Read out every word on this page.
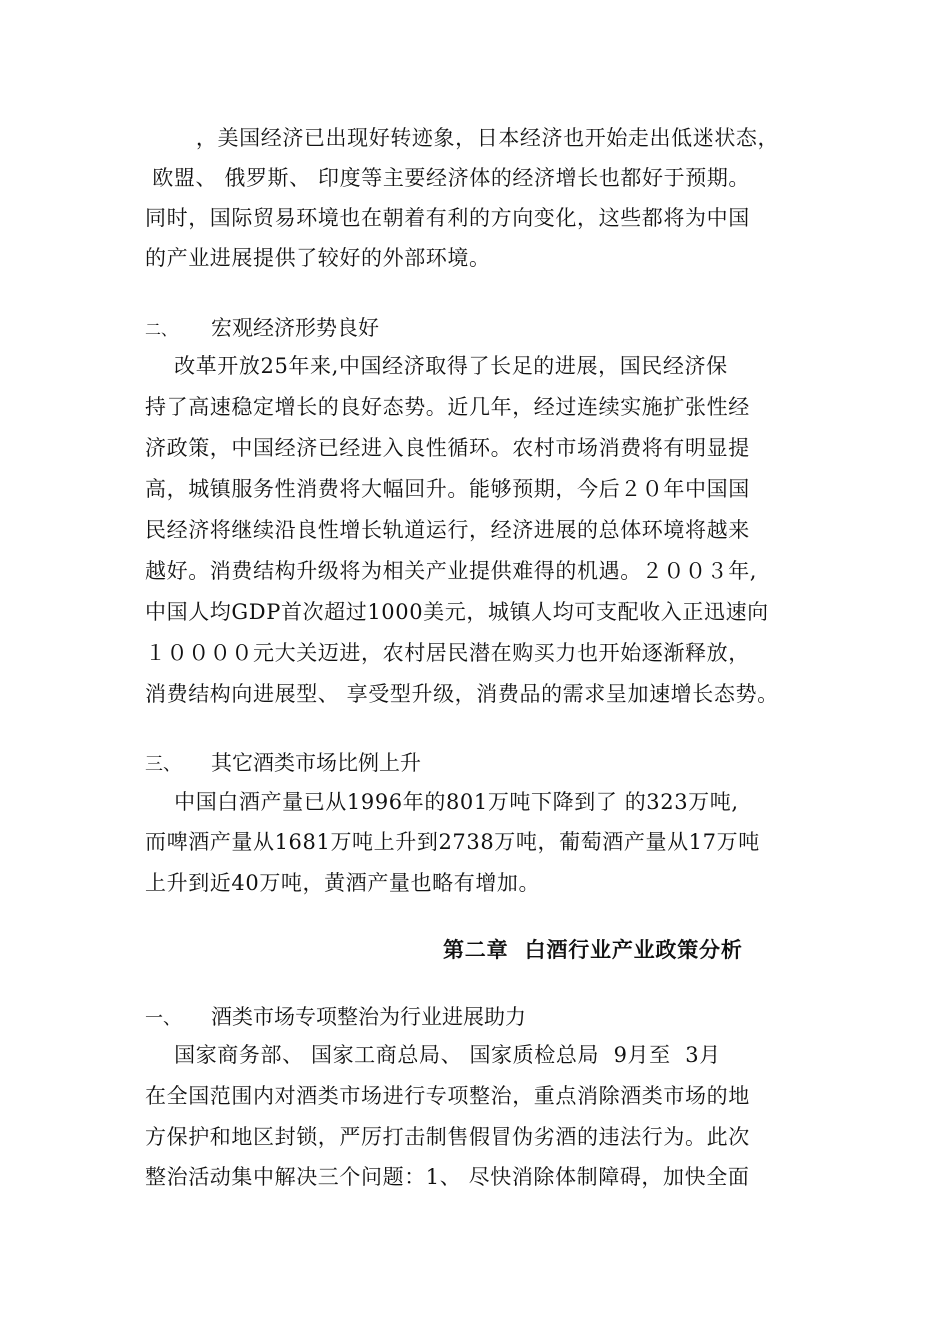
，美国经济已出现好转迹象，日本经济也开始走出低迷状态，
欧盟、 俄罗斯、 印度等主要经济体的经济增长也都好于预期。
同时，国际贸易环境也在朝着有利的方向变化，这些都将为中国
的产业进展提供了较好的外部环境。
二、 宏观经济形势良好
改革开放25年来,中国经济取得了长足的进展，国民经济保
持了高速稳定增长的良好态势。近几年，经过连续实施扩张性经
济政策，中国经济已经进入良性循环。农村市场消费将有明显提
高，城镇服务性消费将大幅回升。能够预期，今后２０年中国国
民经济将继续沿良性增长轨道运行，经济进展的总体环境将越来
越好。消费结构升级将为相关产业提供难得的机遇。２００３年,
中国人均GDP首次超过1000美元，城镇人均可支配收入正迅速向
１００００元大关迈进，农村居民潜在购买力也开始逐渐释放，
消费结构向进展型、 享受型升级，消费品的需求呈加速增长态势。
三、 其它酒类市场比例上升
中国白酒产量已从1996年的801万吨下降到了 的323万吨,
而啤酒产量从1681万吨上升到2738万吨，葡萄酒产量从17万吨
上升到近40万吨，黄酒产量也略有增加。
第二章  白酒行业产业政策分析
一、 酒类市场专项整治为行业进展助力
国家商务部、 国家工商总局、 国家质检总局  9月至  3月
在全国范围内对酒类市场进行专项整治，重点消除酒类市场的地
方保护和地区封锁，严厉打击制售假冒伪劣酒的违法行为。此次
整治活动集中解决三个问题：1、 尽快消除体制障碍，加快全面
